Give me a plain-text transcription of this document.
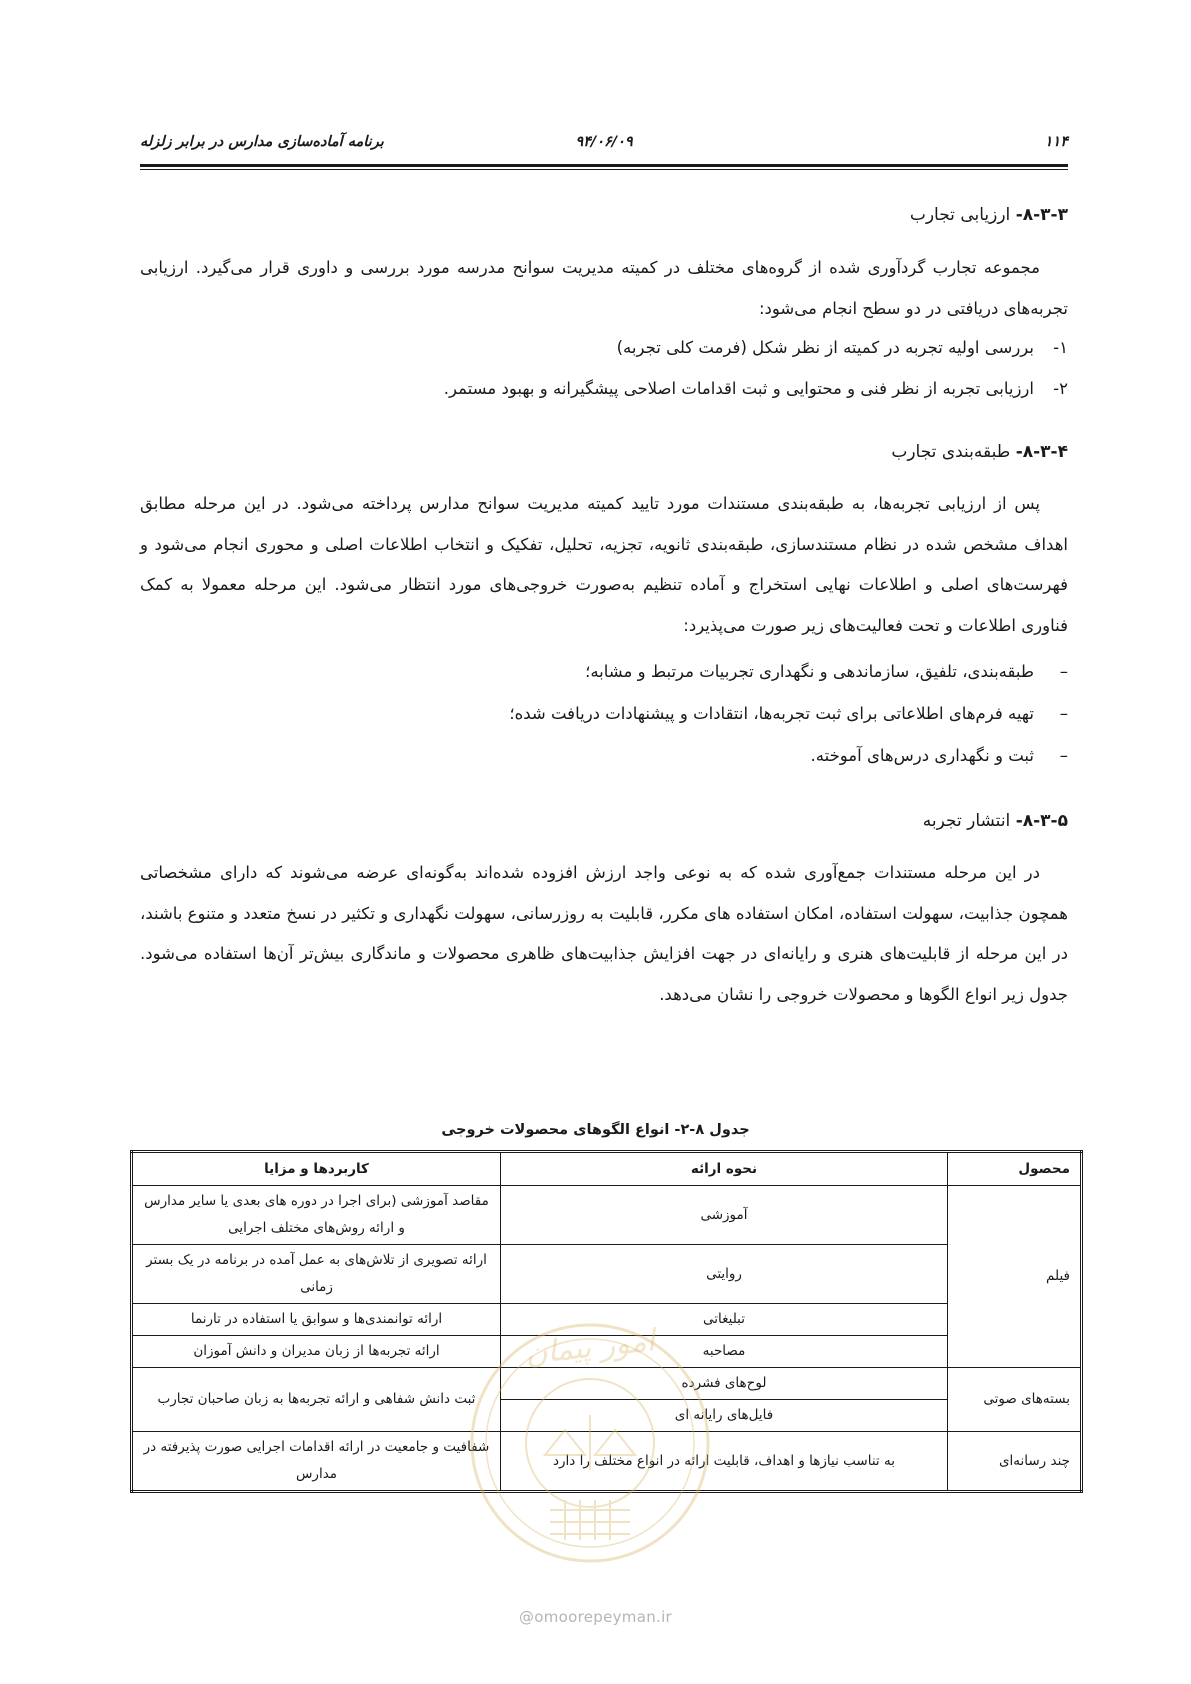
۱۱۴
۹۴/۰۶/۰۹
برنامه آماده‌سازی مدارس در برابر زلزله
۸-۳-۳- ارزیابی تجارب
مجموعه تجارب گردآوری شده از گروه‌های مختلف در کمیته مدیریت سوانح مدرسه مورد بررسی و داوری قرار می‌گیرد. ارزیابی تجربه‌های دریافتی در دو سطح انجام می‌شود:
۱-بررسی اولیه تجربه در کمیته از نظر شکل (فرمت کلی تجربه)
۲-ارزیابی تجربه از نظر فنی و محتوایی و ثبت اقدامات اصلاحی پیشگیرانه و بهبود مستمر.
۸-۳-۴- طبقه‌بندی تجارب
پس از ارزیابی تجربه‌ها، به طبقه‌بندی مستندات مورد تایید کمیته مدیریت سوانح مدارس پرداخته می‌شود. در این مرحله مطابق اهداف مشخص شده در نظام مستندسازی، طبقه‌بندی ثانویه، تجزیه، تحلیل، تفکیک و انتخاب اطلاعات اصلی و محوری انجام می‌شود و فهرست‌های اصلی و اطلاعات نهایی استخراج و آماده تنظیم به‌صورت خروجی‌های مورد انتظار می‌شود. این مرحله معمولا به کمک فناوری اطلاعات و تحت فعالیت‌های زیر صورت می‌پذیرد:
–طبقه‌بندی، تلفیق، سازماندهی و نگهداری تجربیات مرتبط و مشابه؛
–تهیه فرم‌های اطلاعاتی برای ثبت تجربه‌ها، انتقادات و پیشنهادات دریافت شده؛
–ثبت و نگهداری درس‌های آموخته.
۸-۳-۵- انتشار تجربه
در این مرحله مستندات جمع‌آوری شده که به نوعی واجد ارزش افزوده شده‌اند به‌گونه‌ای عرضه می‌شوند که دارای مشخصاتی همچون جذابیت، سهولت استفاده، امکان استفاده های مکرر، قابلیت به روزرسانی، سهولت نگهداری و تکثیر در نسخ متعدد و متنوع باشند، در این مرحله از قابلیت‌های هنری و رایانه‌ای در جهت افزایش جذابیت‌های ظاهری محصولات و ماندگاری بیش‌تر آن‌ها استفاده می‌شود. جدول زیر انواع الگوها و محصولات خروجی را نشان می‌دهد.
جدول ۸-۲- انواع الگوهای محصولات خروجی
محصول	نحوه ارائه	کاربردها و مزایا
فیلم	آموزشی	مقاصد آموزشی (برای اجرا در دوره های بعدی یا سایر مدارس و ارائه روش‌های مختلف اجرایی
	روایتی	ارائه تصویری از تلاش‌های به عمل آمده در برنامه در یک بستر زمانی
	تبلیغاتی	ارائه توانمندی‌ها و سوابق یا استفاده در تارنما
	مصاحبه	ارائه تجربه‌ها از زبان مدیران و دانش آموزان
بسته‌های صوتی	لوح‌های فشرده	ثبت دانش شفاهی و ارائه تجربه‌ها به زبان صاحبان تجارب
	فایل‌های رایانه ای	
چند رسانه‌ای	به تناسب نیازها و اهداف، قابلیت ارائه در انواع مختلف را دارد	شفافیت و جامعیت در ارائه اقدامات اجرایی صورت پذیرفته در مدارس
امور پیمان
@omoorepeyman.ir
